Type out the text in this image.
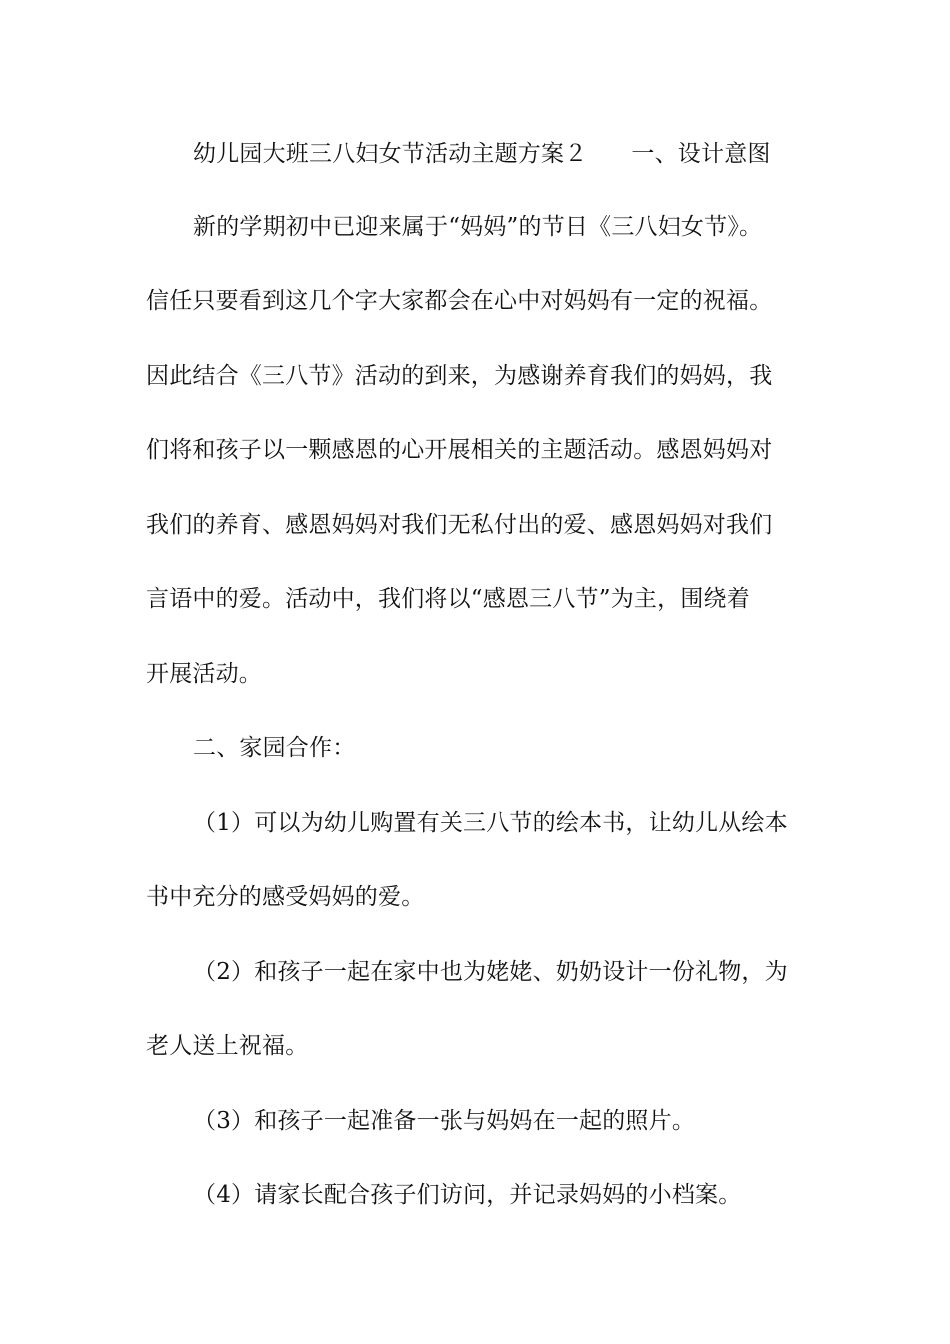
幼儿园大班三八妇女节活动主题方案２ 一、设计意图
新的学期初中已迎来属于“妈妈”的节日《三八妇女节》。
信任只要看到这几个字大家都会在心中对妈妈有一定的祝福。
因此结合《三八节》活动的到来，为感谢养育我们的妈妈，我
们将和孩子以一颗感恩的心开展相关的主题活动。感恩妈妈对
我们的养育、感恩妈妈对我们无私付出的爱、感恩妈妈对我们
言语中的爱。活动中，我们将以“感恩三八节”为主，围绕着
开展活动。
二、家园合作：
（1）可以为幼儿购置有关三八节的绘本书，让幼儿从绘本
书中充分的感受妈妈的爱。
（2）和孩子一起在家中也为姥姥、奶奶设计一份礼物，为
老人送上祝福。
（3）和孩子一起准备一张与妈妈在一起的照片。
（4）请家长配合孩子们访问，并记录妈妈的小档案。
